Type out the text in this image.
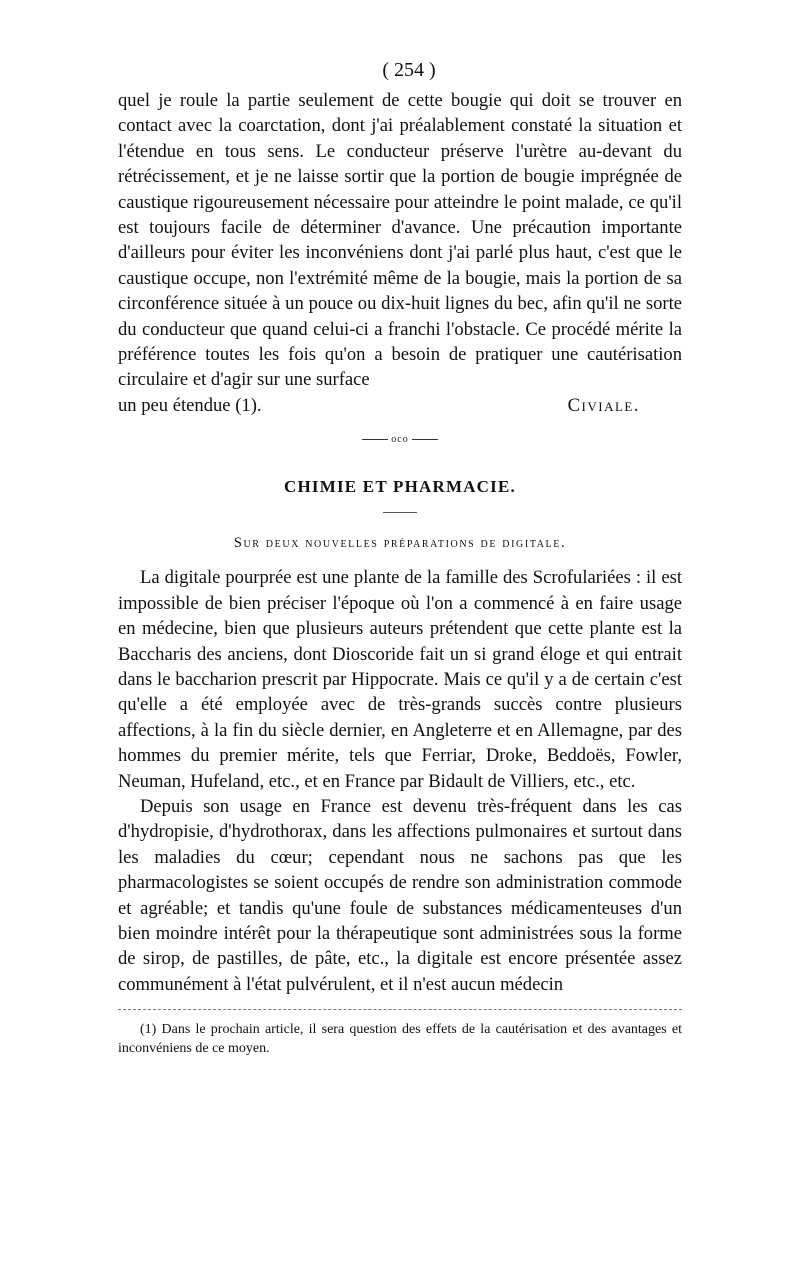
( 254 )

quel je roule la partie seulement de cette bougie qui doit se trouver en contact avec la coarctation, dont j'ai préalablement constaté la situation et l'étendue en tous sens. Le conducteur préserve l'urètre au-devant du rétrécissement, et je ne laisse sortir que la portion de bougie imprégnée de caustique rigoureusement nécessaire pour atteindre le point malade, ce qu'il est toujours facile de déterminer d'avance. Une précaution importante d'ailleurs pour éviter les inconvéniens dont j'ai parlé plus haut, c'est que le caustique occupe, non l'extrémité même de la bougie, mais la portion de sa circonférence située à un pouce ou dix-huit lignes du bec, afin qu'il ne sorte du conducteur que quand celui-ci a franchi l'obstacle. Ce procédé mérite la préférence toutes les fois qu'on a besoin de pratiquer une cautérisation circulaire et d'agir sur une surface

un peu étendue (1).	Civiale.
oco
CHIMIE ET PHARMACIE.
Sur deux nouvelles préparations de digitale.

La digitale pourprée est une plante de la famille des Scrofulariées : il est impossible de bien préciser l'époque où l'on a commencé à en faire usage en médecine, bien que plusieurs auteurs prétendent que cette plante est la Baccharis des anciens, dont Dioscoride fait un si grand éloge et qui entrait dans le baccharion prescrit par Hippocrate. Mais ce qu'il y a de certain c'est qu'elle a été employée avec de très-grands succès contre plusieurs affections, à la fin du siècle dernier, en Angleterre et en Allemagne, par des hommes du premier mérite, tels que Ferriar, Droke, Beddoës, Fowler, Neuman, Hufeland, etc., et en France par Bidault de Villiers, etc., etc.

Depuis son usage en France est devenu très-fréquent dans les cas d'hydropisie, d'hydrothorax, dans les affections pulmonaires et surtout dans les maladies du cœur; cependant nous ne sachons pas que les pharmacologistes se soient occupés de rendre son administration commode et agréable; et tandis qu'une foule de substances médicamenteuses d'un bien moindre intérêt pour la thérapeutique sont administrées sous la forme de sirop, de pastilles, de pâte, etc., la digitale est encore présentée assez communément à l'état pulvérulent, et il n'est aucun médecin

(1) Dans le prochain article, il sera question des effets de la cautérisation et des avantages et inconvéniens de ce moyen.
